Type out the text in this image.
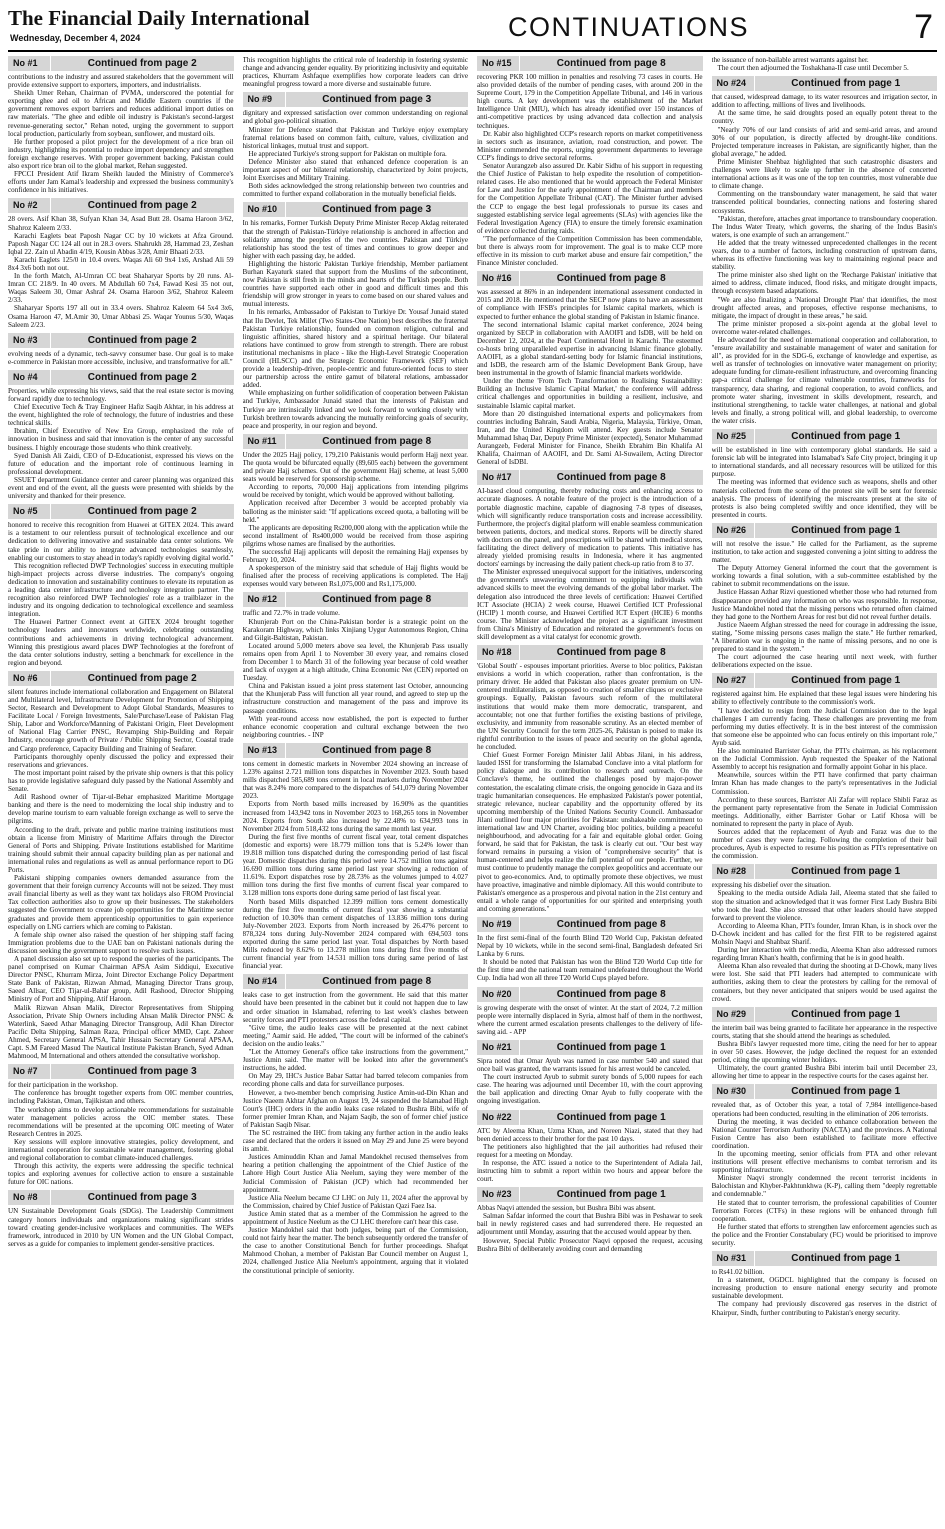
The Financial Daily International
Wednesday, December 4, 2024	CONTINUATIONS	7
No #1	Continued from page 2

contributions to the industry and assured stakeholders that the government will provide extensive support to exporters, importers, and industrialists.

Sheikh Umer Rehan, Chairman of PVMA, underscored the potential for exporting ghee and oil to African and Middle Eastern countries if the government removes export barriers and reduces additional import duties on raw materials. "The ghee and edible oil industry is Pakistan's second-largest revenue-generating sector," Rehan noted, urging the government to support local production, particularly from soybean, sunflower, and mustard oils.

He further proposed a pilot project for the development of a rice bran oil industry, highlighting its potential to reduce import dependency and strengthen foreign exchange reserves. With proper government backing, Pakistan could also export rice bran oil to the global market, Rehan suggested.

FPCCI President Atif Ikram Sheikh lauded the Ministry of Commerce's efforts under Jam Kamal's leadership and expressed the business community's confidence in his initiatives.

No #2	Continued from page 2

28 overs. Asif Khan 38, Sufyan Khan 34, Asad Butt 28. Osama Haroon 3/62, Shahroz Kaleem 2/33.

Karachi Eaglets beat Paposh Nagar CC by 10 wickets at Afza Ground. Paposh Nagar CC 124 all out in 28.3 overs. Shahrukh 28, Hammad 23, Zeshan Iqbal 22. Zain ul Abadin 4/19, Kousin Abbas 3/28, Amir Bhaati 2/33.

Karachi Eaglets 125/0 in 10.4 overs. Waqas Ali 60 9x4 1x6, Arshad Ali 59 8x4 3x6 both not out.

In the forth Match, Al-Umran CC beat Shaharyar Sports by 20 runs. Al-Imran CC 218/9. In 40 overs. M Abdullah 60 7x4, Fawad Kesi 35 not out, Waqas Saleem 30, Omar Ashraf 24. Osama Haroon 3/62, Shahroz Kaleem 2/33.

Shaharyar Sports 197 all out in 33.4 overs. Shahroz Kaleem 64 5x4 3x6, Osama Haroon 47, M.Amir 30, Umar Abbasi 25. Waqar Younus 5/30, Waqas Saleem 2/23.

No #3	Continued from page 2

evolving needs of a dynamic, tech-savvy consumer base. Our goal is to make e-commerce in Pakistan more accessible, inclusive, and transformative for all."

No #4	Continued from page 2

Properties, while expressing his views, said that the real estate sector is moving forward rapidly due to technology.

Chief Executive Tech & Tray Engineer Hafiz Saqib Akhtar, in his address at the event, highlighted the role of technology, the future of industries and these technical skills.

Ibrahim, Chief Executive of New Era Group, emphasized the role of innovation in business and said that innovation is the center of any successful business. I highly encourage those students who think creatively.

Syed Danish Ali Zaidi, CEO of D-Educationist, expressed his views on the future of education and the important role of continuous learning in professional development.

SSUET department Guidance center and career planning was organized this event and end of the event, all the guests were presented with shields by the university and thanked for their presence.

No #5	Continued from page 2

honored to receive this recognition from Huawei at GITEX 2024. This award is a testament to our relentless pursuit of technological excellence and our dedication to delivering innovative and sustainable data center solutions. We take pride in our ability to integrate advanced technologies seamlessly, enabling our customers to stay ahead in today's rapidly evolving digital world."

This recognition reflected DWP Technologies' success in executing multiple high-impact projects across diverse industries. The company's ongoing dedication to innovation and sustainability continues to elevate its reputation as a leading data center infrastructure and technology integration partner. The recognition also reinforced DWP Technologies' role as a trailblazer in the industry and its ongoing dedication to technological excellence and seamless integration.

The Huawei Partner Connect event at GITEX 2024 brought together technology leaders and innovators worldwide, celebrating outstanding contributions and achievements in driving technological advancement. Winning this prestigious award places DWP Technologies at the forefront of the data center solutions industry, setting a benchmark for excellence in the region and beyond.

No #6	Continued from page 2

silent features include international collaboration and Engagement on Bilateral and Multilateral level, Infrastructure Development for Promotion of Shipping Sector, Research and Development to Adopt Global Standards, Measures to Facilitate Local / Foreign Investments, Sale/Purchase/Lease of Pakistan Flag Ship, Labor and Workforce/Manning of Pakistani Origin, Fleet Development of National Flag Carrier PNSC, Revamping Ship-Building and Repair Industry, encourage growth of Private / Public Shipping Sector, Coastal trade and Cargo preference, Capacity Building and Training of Seafarer.

Participants thoroughly openly discussed the policy and expressed their reservations and grievances.

The most important point raised by the private ship owners is that this policy has to provide legislative safeguard duly passed by the National Assembly and Senate.

Adil Rashood owner of Tijar-ul-Behar emphasized Maritime Mortgage banking and there is the need to modernizing the local ship industry and to develop marine tourism to earn valuable foreign exchange as well to serve the pilgrims.

According to the draft, private and public marine training institutions must obtain a license from Ministry of Maritime Affairs through the Director General of Ports and Shipping. Private Institutions established for Maritime training should submit their annual capacity building plan as per national and international rules and regulations as well as annual performance report to DG Ports.

Pakistani shipping companies owners demanded assurance from the government that their foreign currency Accounts will not be seized. They must avail financial liberty as well as they want tax holidays also FROM Provincial Tax collection authorities also to grow up their businesses. The stakeholders suggested the Government to create job opportunities for the Maritime sector graduates and provide them apprenticeship opportunities to gain experience especially on LNG carriers which are coming to Pakistan.

A female ship owner also raised the question of her shipping staff facing Immigration problems due to the UAE ban on Pakistani nationals during the discussion seeking the government support to resolve such issues.

A panel discussion also set up to respond the queries of the participants. The panel comprised on Kumar Chairman APSA Asim Siddiqui, Executive Director PNSC, Khurram Mirza, Joint Director Exchange Policy Department State Bank of Pakistan, Rizwan Ahmad, Managing Director Trans group, Saeed Allsar, CEO Tijar-ul-Bahar group, Adil Rashood, Director Shipping Ministry of Port and Shipping, Atif Haroon.

Malik Rizwan Ahsan Malik, Director Representatives from Shipping Association, Private Ship Owners including Ahsan Malik Director PNSC & Waterlink, Saeed Athar Managing Director Transgroup, Adil Khan Director Pacific Delta Shipping, Salman Raza, Principal officer MMD, Capt. Zaheer Ahmed, Secretary General APSA, Tahir Hussain Secretary General APSAA, Capt. S.M Fareed Masud The Nautical Institute Pakistan Branch, Syed Adnan Mahmood, M International and others attended the consultative workshop.

No #7	Continued from page 3

for their participation in the workshop.

The conference has brought together experts from OIC member countries, including Pakistan, Oman, Tajikistan and others.

The workshop aims to develop actionable recommendations for sustainable water management policies across the OIC member states. These recommendations will be presented at the upcoming OIC meeting of Water Research Centres in 2025.

Key sessions will explore innovative strategies, policy development, and international cooperation for sustainable water management, fostering global and regional collaboration to combat climate-induced challenges.

Through this activity, the experts were addressing the specific technical topics and exploring avenues for collective action to ensure a sustainable future for OIC nations.

No #8	Continued from page 3

UN Sustainable Development Goals (SDGs). The Leadership Commitment category honors individuals and organizations making significant strides toward creating gender-inclusive workplaces and communities. The WEPs framework, introduced in 2010 by UN Women and the UN Global Compact, serves as a guide for companies to implement gender-sensitive practices.

This recognition highlights the critical role of leadership in fostering systemic change and advancing gender equality. By prioritizing inclusivity and equitable practices, Khurram Ashfaque exemplifies how corporate leaders can drive meaningful progress toward a more diverse and sustainable future.

No #9	Continued from page 3

dignitary and expressed satisfaction over common understanding on regional and global geo-political situation.

Minister for Defence stated that Pakistan and Turkiye enjoy exemplary fraternal relations based on common faith, culture, values, civilization and historical linkages, mutual trust and support.

He appreciated Turkiye's strong support for Pakistan on multiple fora.

Defence Minister also stated that enhanced defence cooperation is an important aspect of our bilateral relationship, characterized by Joint projects, Joint Exercises and Military Training.

Both sides acknowledged the strong relationship between two countries and committed to further expand collaboration in the mutually beneficial fields.

No #10	Continued from page 3

In his remarks, Former Turkish Deputy Prime Minister Recep Akdag reiterated that the strength of Pakistan-Türkiye relationship is anchored in affection and solidarity among the peoples of the two countries. Pakistan and Türkiye relationship has stood the test of times and continues to grow deeper and higher with each passing day, he added.

Highlighting the historic Pakistan Turkiye friendship, Member parliament Burhan Kayaturk stated that support from the Muslims of the subcontinent, now Pakistan is still fresh in the minds and hearts of the Turkish people. Both countries have supported each other in good and difficult times and this friendship will grow stronger in years to come based on our shared values and mutual interests.

In his remarks, Ambassador of Pakistan to Turkiye Dr. Yousaf Junaid stated that Ilu Devlet, Tek Millet (Two States-One Nation) best describes the fraternal Pakistan Turkiye relationship, founded on common religion, cultural and linguistic affinities, shared history and a spiritual heritage. Our bilateral relations have continued to grow from strength to strength. There are robust institutional mechanisms in place - like the High-Level Strategic Cooperation Council (HLSCC) and the Strategic Economic Framework (SEF) which provide a leadership-driven, people-centric and future-oriented focus to steer our partnership across the entire gamut of bilateral relations, ambassador added.

While emphasizing on further solidification of cooperation between Pakistan and Turkiye, Ambassador Junaid stated that the interests of Pakistan and Turkiye are intrinsically linked and we look forward to working closely with Turkish brethren towards advancing the mutually reinforcing goals of security, peace and prosperity, in our region and beyond.

No #11	Continued from page 8

Under the 2025 Hajj policy, 179,210 Pakistanis would perform Hajj next year. The quota would be bifurcated equally (89,605 each) between the government and private Hajj schemes. Out of the government Hajj scheme, at least 5,000 seats would be reserved for sponsorship scheme.

According to reports, 70,000 Hajj applications from intending pilgrims would be received by tonight, which would be approved without balloting.

Application received after December 3 would be accepted probably via balloting as the minister said: "If applications exceed quota, a balloting will be held."

The applicants are depositing Rs200,000 along with the application while the second installment of Rs400,000 would be received from those aspiring pilgrims whose names are finalised by the authorities.

The successful Hajj applicants will deposit the remaining Hajj expenses by February 10, 2024.

A spokesperson of the ministry said that schedule of Hajj flights would be finalised after the process of receiving applications is completed. The Hajj expenses would vary between Rs1,075,000 and Rs1,175,000.

No #12	Continued from page 8

traffic and 72.7% in trade volume.

Khunjerab Port on the China-Pakistan border is a strategic point on the Karakoram Highway, which links Xinjiang Uygur Autonomous Region, China and Gilgit-Baltistan, Pakistan.

Located around 5,000 meters above sea level, the Khunjerab Pass usually remains open from April 1 to November 30 every year, and remains closed from December 1 to March 31 of the following year because of cold weather and lack of oxygen at a high altitude, China Economic Net (CEN) reported on Tuesday.

China and Pakistan issued a joint press statement last October, announcing that the Khunjerab Pass will function all year round, and agreed to step up the infrastructure construction and management of the pass and improve its passage conditions.

With year-round access now established, the port is expected to further enhance economic cooperation and cultural exchange between the two neighboring countries. - INP

No #13	Continued from page 8

tons cement in domestic markets in November 2024 showing an increase of 1.23% against 2.721 million tons dispatches in November 2023. South based mills dispatched 585,689 tons cement in local markets during November 2024 that was 8.24% more compared to the dispatches of 541,079 during November 2023.

Exports from North based mills increased by 16.90% as the quantities increased from 143,942 tons in November 2023 to 168,265 tons in November 2024. Exports from South also increased by 22.48% to 634,993 tons in November 2024 from 518,432 tons during the same month last year.

During the first five months of current fiscal year, total cement dispatches (domestic and exports) were 18.779 million tons that is 5.24% lower than 19.818 million tons dispatched during the corresponding period of last fiscal year. Domestic dispatches during this period were 14.752 million tons against 16.690 million tons during same period last year showing a reduction of 11.61%. Export dispatches rose by 28.73% as the volumes jumped to 4.027 million tons during the first five months of current fiscal year compared to 3.128 million tons exports done during same period of last fiscal year.

North based Mills dispatched 12.399 million tons cement domestically during the first five months of current fiscal year showing a substantial reduction of 10.30% than cement dispatches of 13.836 million tons during July-November 2023. Exports from North increased by 26.47% percent to 878,324 tons during July-November 2024 compared with 694,503 tons exported during the same period last year. Total dispatches by North based Mills reduced by 8.62% to 13.278 million tons during first five months of current financial year from 14.531 million tons during same period of last financial year.

No #14	Continued from page 8

leaks case to get instruction from the government. He said that this matter should have been presented in the cabinet but it could not happen due to law and order situation in Islamabad, referring to last week's clashes between security forces and PTI protesters across the federal capital.

"Give time, the audio leaks case will be presented at the next cabinet meeting," Aamir said. He added, "The court will be informed of the cabinet's decision on the audio leaks."

"Let the Attorney General's office take instructions from the government," Justice Amin said. The matter will be looked into after the government's instructions, he added.

On May 29, IHC's Justice Babar Sattar had barred telecom companies from recording phone calls and data for surveillance purposes.

However, a two-member bench comprising Justice Amin-ud-Din Khan and Justice Naeem Akhtar Afghan on August 19, 24 suspended the Islamabad High Court's (IHC) orders in the audio leaks case related to Bushra Bibi, wife of former premier Imran Khan, and Najam Saqib, the son of former chief justice of Pakistan Saqib Nisar.

The SC restrained the IHC from taking any further action in the audio leaks case and declared that the orders it issued on May 29 and June 25 were beyond its ambit.

Justices Aminuddin Khan and Jamal Mandokhel recused themselves from hearing a petition challenging the appointment of the Chief Justice of the Lahore High Court Justice Alia Neelum, saying they were member of the Judicial Commission of Pakistan (JCP) which had recommended her appointment.

Justice Alia Neelum became CJ LHC on July 11, 2024 after the approval by the Commission, chaired by Chief Justice of Pakistan Qazi Faez Isa.

Justice Amin stated that as a member of the Commission he agreed to the appointment of Justice Neelum as the CJ LHC therefore can't hear this case.

Justice Mandokhel said that both judges, being part of the Commission, could not fairly hear the matter. The bench subsequently ordered the transfer of the case to another Constitutional Bench for further proceedings. Shafqat Mahmood Chohan, a member of Pakistan Bar Council member on August 1, 2024, challenged Justice Alia Neelum's appointment, arguing that it violated the constitutional principle of seniority.

No #15	Continued from page 8

recovering PKR 100 million in penalties and resolving 73 cases in courts. He also provided details of the number of pending cases, with around 200 in the Supreme Court, 179 in the Competition Appellate Tribunal, and 146 in various high courts. A key development was the establishment of the Market Intelligence Unit (MIU), which has already identified over 150 instances of anti-competitive practices by using advanced data collection and analysis techniques.

Dr. Kabir also highlighted CCP's research reports on market competitiveness in sectors such as insurance, aviation, road construction, and power. The Minister commended the reports, urging government departments to leverage CCP's findings to drive sectoral reforms.

Senator Aurangzeb also assured Dr. Kabir Sidhu of his support in requesting the Chief Justice of Pakistan to help expedite the resolution of competition-related cases. He also mentioned that he would approach the Federal Minister for Law and Justice for the early appointment of the Chairman and members for the Competition Appellate Tribunal (CAT). The Minister further advised the CCP to engage the best legal professionals to pursue its cases and suggested establishing service legal agreements (SLAs) with agencies like the Federal Investigation Agency (FIA) to ensure the timely forensic examination of evidence collected during raids.

"The performance of the Competition Commission has been commendable, but there is always room for improvement. The goal is to make CCP more effective in its mission to curb market abuse and ensure fair competition," the Finance Minister concluded.

No #16	Continued from page 8

was assessed at 86% in an independent international assessment conducted in 2015 and 2018. He mentioned that the SECP now plans to have an assessment of compliance with IFSB's principles for Islamic capital markets, which is expected to further enhance the global standing of Pakistan in Islamic finance.

The second international Islamic capital market conference, 2024 being organized by SECP in collaboration with AAOIFI and IsDB, will be held on December 12, 2024, at the Pearl Continental Hotel in Karachi. The esteemed co-hosts bring unparalleled expertise in advancing Islamic finance globally. AAOIFI, as a global standard-setting body for Islamic financial institutions, and IsDB, the research arm of the Islamic Development Bank Group, have been instrumental in the growth of Islamic financial markets worldwide.

Under the theme 'From Tech Transformation to Realising Sustainability: Building an Inclusive Islamic Capital Market,' the conference will address critical challenges and opportunities in building a resilient, inclusive, and sustainable Islamic capital market.

More than 20 distinguished international experts and policymakers from countries including Bahrain, Saudi Arabia, Nigeria, Malaysia, Türkiye, Oman, Iran, and the United Kingdom will attend. Key guests include Senator Muhammad Ishaq Dar, Deputy Prime Minister (expected), Senator Muhammad Aurangzeb, Federal Minister for Finance, Sheikh Ebrahim Bin Khalifa Al Khalifa, Chairman of AAOIFI, and Dr. Sami Al-Suwailem, Acting Director General of IsDBI.

No #17	Continued from page 8

AI-based cloud computing, thereby reducing costs and enhancing access to accurate diagnoses. A notable feature of the project is the introduction of a portable diagnostic machine, capable of diagnosing 7-8 types of diseases, which will significantly reduce transportation costs and increase accessibility. Furthermore, the project's digital platform will enable seamless communication between patients, doctors, and medical stores. Reports will be directly shared with doctors on the panel, and prescriptions will be shared with medical stores, facilitating the direct delivery of medication to patients. This initiative has already yielded promising results in Indonesia, where it has augmented doctors' earnings by increasing the daily patient check-up ratio from 8 to 37.

The Minister expressed unequivocal support for the initiatives, underscoring the government's unwavering commitment to equipping individuals with advanced skills to meet the evolving demands of the global labor market. The delegation also introduced the three levels of certification: Huawei Certified ICT Associate (HCIA) 2 week course, Huawei Certified ICT Professional (HCIP) 1 month course, and Huawei Certified ICT Expert (HCIE) 6 months course. The Minister acknowledged the project as a significant investment from China's Ministry of Education and reiterated the government's focus on skill development as a vital catalyst for economic growth.

No #18	Continued from page 8

'Global South' - espouses important priorities. Averse to bloc politics, Pakistan envisions a world in which cooperation, rather than confrontation, is the primary driver. He added that Pakistan also places greater premium on UN-centered multilateralism, as opposed to creation of smaller cliques or exclusive groupings. Equally, Pakistan favours such reform of the multilateral institutions that would make them more democratic, transparent, and accountable; not one that further fortifies the existing bastions of privilege, exclusivity, and immunity from reasonable scrutiny. As an elected member of the UN Security Council for the term 2025-26, Pakistan is poised to make its rightful contribution to the issues of peace and security on the global agenda, he concluded.

Chief Guest Former Foreign Minister Jalil Abbas Jilani, in his address, lauded ISSI for transforming the Islamabad Conclave into a vital platform for policy dialogue and its contribution to research and outreach. On the Conclave's theme, he outlined the challenges posed by major-power contestation, the escalating climate crisis, the ongoing genocide in Gaza and its tragic humanitarian consequences. He emphasized Pakistan's power potential, strategic relevance, nuclear capability and the opportunity offered by its upcoming membership of the United Nations Security Council. Ambassador Jilani outlined four major priorities for Pakistan: unshakeable commitment to international law and UN Charter, avoiding bloc politics, building a peaceful neighbourhood, and advocating for a fair and equitable global order. Going forward, he said that for Pakistan, the task is clearly cut out. "Our best way forward remains in pursuing a vision of "comprehensive security" that is human-centered and helps realize the full potential of our people. Further, we must continue to prudently manage the complex geopolitics and accentuate our pivot to geo-economics. And, to optimally promote these objectives, we must have proactive, imaginative and nimble diplomacy. All this would contribute to Pakistan's emergence as a prosperous and pivotal nation in the 21st century and entail a whole range of opportunities for our spirited and enterprising youth and coming generations."

No #19	Continued from page 8

In the first semi-final of the fourth Blind T20 World Cup, Pakistan defeated Nepal by 10 wickets, while in the second semi-final, Bangladesh defeated Sri Lanka by 6 runs.

It should be noted that Pakistan has won the Blind T20 World Cup title for the first time and the national team remained undefeated throughout the World Cup. India had won all three T20 World Cups played before.

No #20	Continued from page 8

is growing desperate with the onset of winter. At the start of 2024, 7.2 million people were internally displaced in Syria, almost half of them in the northwest, where the current armed escalation presents challenges to the delivery of life-saving aid. - APP

No #21	Continued from page 1

Sipra noted that Omar Ayub was named in case number 540 and stated that once bail was granted, the warrants issued for his arrest would be canceled.

The court instructed Ayub to submit surety bonds of 5,000 rupees for each case. The hearing was adjourned until December 10, with the court approving the bail application and directing Omar Ayub to fully cooperate with the ongoing investigation.

No #22	Continued from page 1

ATC by Aleema Khan, Uzma Khan, and Noreen Niazi, stated that they had been denied access to their brother for the past 10 days.

The petitioners also highlighted that the jail authorities had refused their request for a meeting on Monday.

In response, the ATC issued a notice to the Superintendent of Adiala Jail, instructing him to submit a report within two hours and appear before the court.

No #23	Continued from page 1

Abbas Naqvi attended the session, but Bushra Bibi was absent.

Salman Safdar informed the court that Bushra Bibi was in Peshawar to seek bail in newly registered cases and had surrendered there. He requested an adjournment until Monday, assuring that the accused would appear by then.

However, Special Public Prosecutor Naqvi opposed the request, accusing Bushra Bibi of deliberately avoiding court and demanding

the issuance of non-bailable arrest warrants against her.

The court then adjourned the Toshakhana-II case until December 5.

No #24	Continued from page 1

that caused, widespread damage, to its water resources and irrigation sector, in addition to affecting, millions of lives and livelihoods.

At the same time, he said droughts posed an equally potent threat to the country.

"Nearly 70% of our land consists of arid and semi-arid areas, and around 30% of our population, is directly affected by drought-like conditions. Projected temperature increases in Pakistan, are significantly higher, than the global average," he added.

Prime Minister Shehbaz highlighted that such catastrophic disasters and challenges were likely to scale up further in the absence of concerted international actions as it was one of the top ten countries, most vulnerable due to climate change.

Commenting on the transboundary water management, he said that water transcended political boundaries, connecting nations and fostering shared ecosystems.

"Pakistan, therefore, attaches great importance to transboundary cooperation. The Indus Water Treaty, which governs, the sharing of the Indus Basin's waters, is one example of such an arrangement."

He added that the treaty witnessed unprecedented challenges in the recent years, due to a number of factors, including construction of upstream dams, whereas its effective functioning was key to maintaining regional peace and stability.

The prime minister also shed light on the 'Recharge Pakistan' initiative that aimed to address, climate induced, flood risks, and mitigate drought impacts, through ecosystem based adaptations.

"We are also finalizing a 'National Drought Plan' that identifies, the most drought affected areas, and proposes, effective response mechanisms, to mitigate, the impact of drought in these areas," he said.

The prime minister proposed a six-point agenda at the global level to overcome water-related challenges.

He advocated for the need of international cooperation and collaboration, to "ensure availability and sustainable management of water and sanitation for all", as provided for in the SDG-6, exchange of knowledge and expertise, as well as transfer of technologies on innovative water management on priority; adequate funding for climate-resilient infrastructure, and overcoming financing gap-a critical challenge for climate vulnerable countries, frameworks for transparency, data sharing, and regional cooperation, to avoid conflicts, and promote water sharing, investment in skills development, research, and institutional strengthening, to tackle water challenges, at national and global levels and finally, a strong political will, and global leadership, to overcome the water crisis.

No #25	Continued from page 1

will be established in line with contemporary global standards. He said a forensic lab will be integrated into Islamabad's Safe City project, bringing it up to international standards, and all necessary resources will be utilized for this purpose.

The meeting was informed that evidence such as weapons, shells and other materials collected from the scene of the protest site will be sent for forensic analysis. The process of identifying the miscreants present at the site of protests is also being completed swiftly and once identified, they will be presented in courts.

No #26	Continued from page 1

will not resolve the issue." He called for the Parliament, as the supreme institution, to take action and suggested convening a joint sitting to address the matter.

The Deputy Attorney General informed the court that the government is working towards a final solution, with a sub-committee established by the cabinet to submit recommendations on the issue.

Justice Hassan Azhar Rizvi questioned whether those who had returned from disappearance provided any information on who was responsible. In response, Justice Mandokhel noted that the missing persons who returned often claimed they had gone to the Northern Areas for rest but did not reveal further details.

Justice Naeem Afghan stressed the need for courage in addressing the issue, stating, "Some missing persons cases malign the state." He further remarked, "A liberation war is ongoing in the name of missing persons, and no one is prepared to stand in the system."

The court adjourned the case hearing until next week, with further deliberations expected on the issue.

No #27	Continued from page 1

registered against him. He explained that these legal issues were hindering his ability to effectively contribute to the commission's work.

"I have decided to resign from the Judicial Commission due to the legal challenges I am currently facing. These challenges are preventing me from performing my duties effectively. It is in the best interest of the commission that someone else be appointed who can focus entirely on this important role," Ayub said.

He also nominated Barrister Gohar, the PTI's chairman, as his replacement on the Judicial Commission. Ayub requested the Speaker of the National Assembly to accept his resignation and formally appoint Gohar in his place.

Meanwhile, sources within the PTI have confirmed that party chairman Imran Khan has made changes to the party's representatives in the Judicial Commission.

According to these sources, Barrister Ali Zafar will replace Shibli Faraz as the permanent party representative from the Senate in Judicial Commission meetings. Additionally, either Barrister Gohar or Latif Khosa will be nominated to represent the party in place of Ayub.

Sources added that the replacement of Ayub and Faraz was due to the number of cases they were facing. Following the completion of their bail procedures, Ayub is expected to resume his position as PTI's representative on the commission.

No #28	Continued from page 1

expressing his disbelief over the situation.

Speaking to the media outside Adiala Jail, Aleema stated that she failed to stop the situation and acknowledged that it was former First Lady Bushra Bibi who took the lead. She also stressed that other leaders should have stepped forward to prevent the violence.

According to Aleema Khan, PTI's founder, Imran Khan, is in shock over the D-Chowk incident and has called for the first FIR to be registered against Mohsin Naqvi and Shahbaz Sharif.

During her interaction with the media, Aleema Khan also addressed rumors regarding Imran Khan's health, confirming that he is in good health.

Aleema Khan also revealed that during the shooting at D-Chowk, many lives were lost. She said that PTI leaders had attempted to communicate with authorities, asking them to clear the protesters by calling for the removal of containers, but they never anticipated that snipers would be used against the crowd.

No #29	Continued from page 1

the interim bail was being granted to facilitate her appearance in the respective courts, stating that she should attend the hearings as scheduled.

Bushra Bibi's lawyer requested more time, citing the need for her to appear in over 50 cases. However, the judge declined the request for an extended period, citing the upcoming winter holidays.

Ultimately, the court granted Bushra Bibi interim bail until December 23, allowing her time to appear in the respective courts for the cases against her.

No #30	Continued from page 1

revealed that, as of October this year, a total of 7,984 intelligence-based operations had been conducted, resulting in the elimination of 206 terrorists.

During the meeting, it was decided to enhance collaboration between the National Counter Terrorism Authority (NACTA) and the provinces. A National Fusion Centre has also been established to facilitate more effective coordination.

In the upcoming meeting, senior officials from PTA and other relevant institutions will present effective mechanisms to combat terrorism and its supporting infrastructure.

Minister Naqvi strongly condemned the recent terrorist incidents in Balochistan and Khyber-Pakhtunkhwa (K-P), calling them "deeply regrettable and condemnable."

He stated that to counter terrorism, the professional capabilities of Counter Terrorism Forces (CTFs) in these regions will be enhanced through full cooperation.

He further stated that efforts to strengthen law enforcement agencies such as the police and the Frontier Constabulary (FC) would be prioritised to improve security.

No #31	Continued from page 1

to Rs41.02 billion.

In a statement, OGDCL highlighted that the company is focused on increasing production to ensure national energy security and promote sustainable development.

The company had previously discovered gas reserves in the district of Khairpur, Sindh, further contributing to Pakistan's energy security.
